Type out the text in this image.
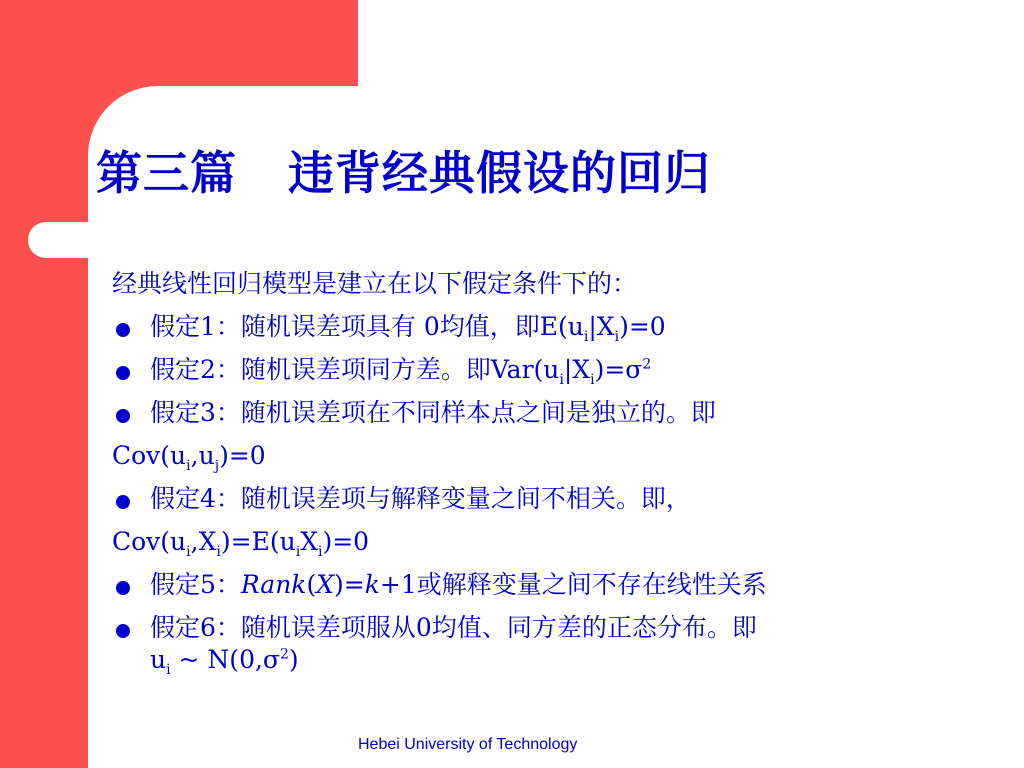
第三篇   违背经典假设的回归
经典线性回归模型是建立在以下假定条件下的：
假定1：随机误差项具有 0均值，即$E(u_i|X_i)=0$
假定2：随机误差项同方差。即$Var(u_i|X_i)=\sigma^2$
假定3：随机误差项在不同样本点之间是独立的。即
$Cov(u_i,u_j)=0$
假定4：随机误差项与解释变量之间不相关。即，
$Cov(u_i,X_i)=E(u_iX_i)=0$
假定5：Rank(X)=k+1或解释变量之间不存在线性关系
假定6：随机误差项服从0均值、同方差的正态分布。即
$u_i$ ~ $N(0,\sigma^2)$
Hebei University of Technology
